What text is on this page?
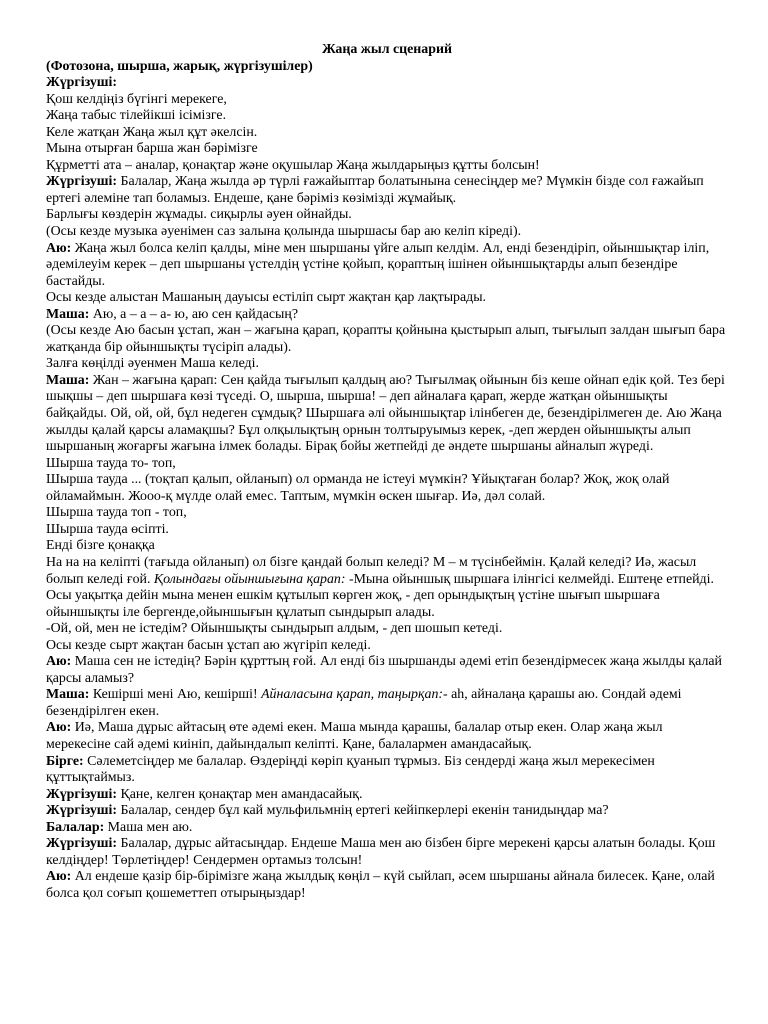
Жаңа жыл сценарий

(Фотозона, шырша, жарық, жүргізушілер)

Жүргізуші:

Қош келдіңіз бүгінгі мерекеге,

Жаңа табыс тілейікші ісімізге.

Келе жатқан Жаңа жыл құт әкелсін.

Мына отырған барша жан бәрімізге

Құрметті ата – аналар, қонақтар және оқушылар Жаңа жылдарыңыз құтты болсын!

Жүргізуші: Балалар, Жаңа жылда әр түрлі ғажайыптар болатынына сенесіңдер ме? Мүмкін бізде сол ғажайып ертегі әлеміне тап боламыз. Ендеше, қане бәріміз көзімізді жұмайық.

Барлығы көздерін жұмады. сиқырлы әуен ойнайды.

(Осы кезде музыка әуенімен саз залына қолында шыршасы бар аю келіп кіреді).

Аю: Жаңа жыл болса келіп қалды, міне мен шыршаны үйге алып келдім. Ал, енді безендіріп, ойыншықтар іліп, әдемілеуім керек – деп шыршаны үстелдің үстіне қойып, қораптың ішінен ойыншықтарды алып безендіре бастайды.

Осы кезде алыстан Машаның дауысы естіліп сырт жақтан қар лақтырады.

Маша: Аю, а – а – а- ю, аю сен қайдасың?

(Осы кезде Аю басын ұстап, жан – жағына қарап, қорапты қойнына қыстырып алып, тығылып залдан шығып бара жатқанда бір ойыншықты түсіріп алады).

Залға көңілді әуенмен Маша келеді.

Маша: Жан – жағына қарап: Сен қайда тығылып қалдың аю? Тығылмақ ойынын біз кеше ойнап едік қой. Тез бері шықшы – деп шыршаға көзі түседі. О, шырша, шырша! – деп айналаға қарап, жерде жатқан ойыншықты байқайды. Ой, ой, ой, бұл недеген сұмдық? Шыршаға әлі ойыншықтар ілінбеген де, безендірілмеген де. Аю Жаңа жылды қалай қарсы аламақшы? Бұл олқылықтың орнын толтыруымыз керек, -деп жерден ойыншықты алып шыршаның жоғарғы жағына ілмек болады. Бірақ бойы жетпейді де әндете шыршаны айналып жүреді.

Шырша тауда то- топ,

Шырша тауда ... (тоқтап қалып, ойланып) ол орманда не істеуі мүмкін? Ұйықтаған болар? Жоқ, жоқ олай ойламаймын. Жооо-қ мүлде олай емес. Таптым, мүмкін өскен шығар. Иә, дәл солай.

Шырша тауда топ - топ,

Шырша тауда өсіпті.

Енді бізге қонаққа

На на на келіпті (тағыда ойланып) ол бізге қандай болып келеді? М – м түсінбеймін. Қалай келеді? Иә, жасыл болып келеді ғой. Қолындағы ойыншығына қарап: -Мына ойыншық шыршаға ілінгісі келмейді. Ештеңе етпейді. Осы уақытқа дейін мына менен ешкім құтылып көрген жоқ, - деп орындықтың үстіне шығып шыршаға ойыншықты іле бергенде,ойыншығын құлатып сындырып алады.

-Ой, ой, мен не істедім? Ойыншықты сындырып алдым, - деп шошып кетеді.

Осы кезде сырт жақтан басын ұстап аю жүгіріп келеді.

Аю: Маша сен не істедің? Бәрін құрттың ғой. Ал енді біз шыршанды әдемі етіп безендірмесек жаңа жылды қалай қарсы аламыз?

Маша: Кешірші мені Аю, кешірші! Айналасына қарап, таңырқап:- ah, айналаңа қарашы аю. Сондай әдемі безендірілген екен.

Аю: Иә, Маша дұрыс айтасың өте әдемі екен. Маша мында қарашы, балалар отыр екен. Олар жаңа жыл мерекесіне сай әдемі киініп, дайындалып келіпті. Қане, балалармен амандасайық.

Бірге: Сәлеметсіңдер ме балалар. Өздеріңді көріп қуанып тұрмыз. Біз сендерді жаңа жыл мерекесімен құттықтаймыз.

Жүргізуші: Қане, келген қонақтар мен амандасайық.

Жүргізуші: Балалар, сендер бұл кай мульфильмнің ертегі кейіпкерлері екенін танидыңдар ма?

Балалар: Маша мен аю.

Жүргізуші: Балалар, дұрыс айтасыңдар. Ендеше Маша мен аю бізбен бірге мерекені қарсы алатын болады. Қош келдіңдер! Төрлетіңдер! Сендермен ортамыз толсын!

Аю: Ал ендеше қазір бір-бірімізге жаңа жылдық көңіл – күй сыйлап, әсем шыршаны айнала билесек. Қане, олай болса қол соғып қошеметтеп отырыңыздар!
